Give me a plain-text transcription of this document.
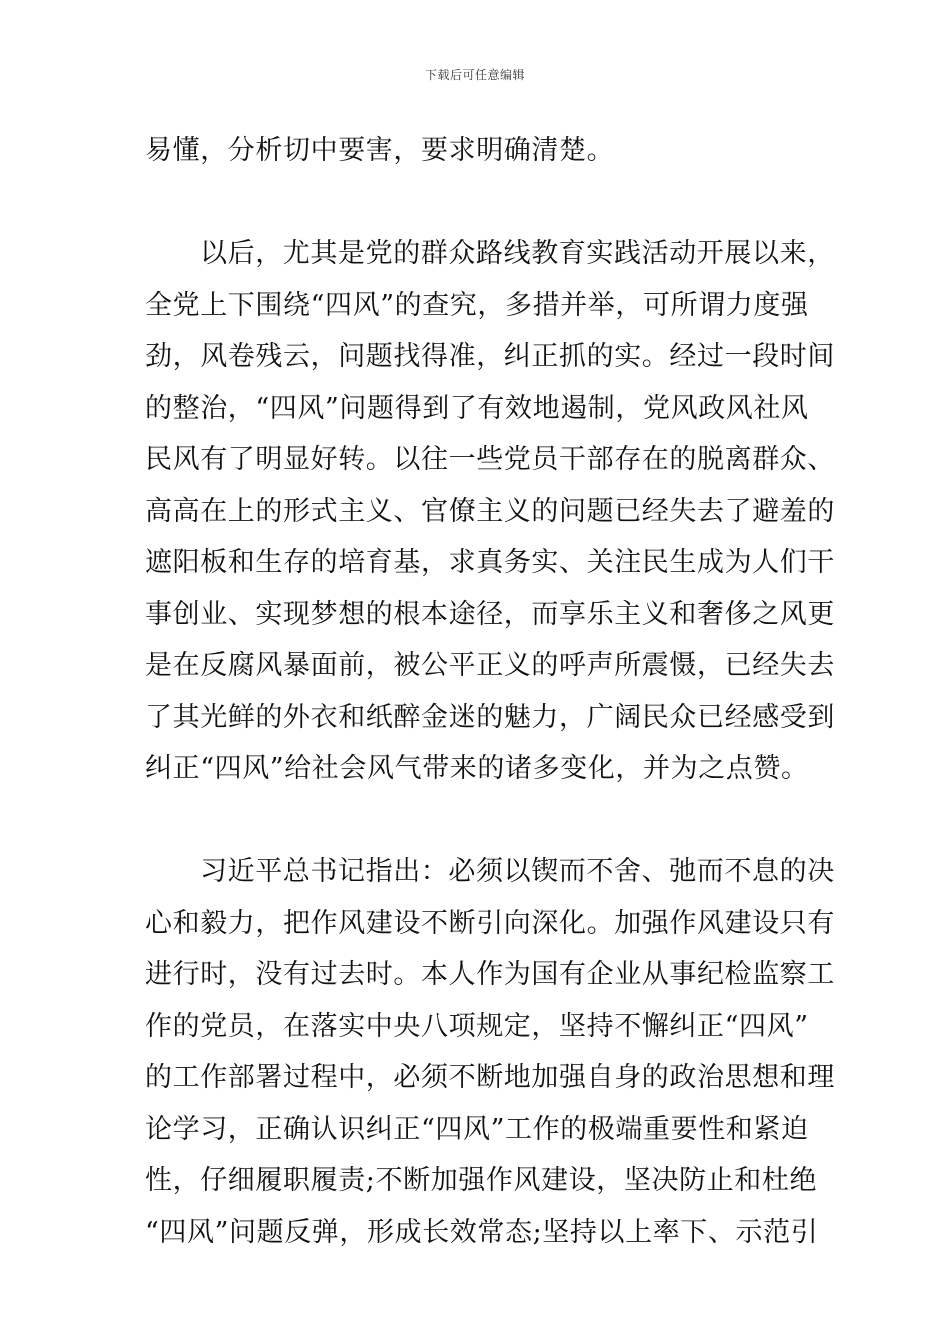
下载后可任意编辑
易懂，分析切中要害，要求明确清楚。
以后，尤其是党的群众路线教育实践活动开展以来，
全党上下围绕“四风”的查究，多措并举，可所谓力度强
劲，风卷残云，问题找得准，纠正抓的实。经过一段时间
的整治，“四风”问题得到了有效地遏制，党风政风社风
民风有了明显好转。以往一些党员干部存在的脱离群众、
高高在上的形式主义、官僚主义的问题已经失去了避羞的
遮阳板和生存的培育基，求真务实、关注民生成为人们干
事创业、实现梦想的根本途径，而享乐主义和奢侈之风更
是在反腐风暴面前，被公平正义的呼声所震慑，已经失去
了其光鲜的外衣和纸醉金迷的魅力，广阔民众已经感受到
纠正“四风”给社会风气带来的诸多变化，并为之点赞。
习近平总书记指出：必须以锲而不舍、弛而不息的决
心和毅力，把作风建设不断引向深化。加强作风建设只有
进行时，没有过去时。本人作为国有企业从事纪检监察工
作的党员，在落实中央八项规定，坚持不懈纠正“四风”
的工作部署过程中，必须不断地加强自身的政治思想和理
论学习，正确认识纠正“四风”工作的极端重要性和紧迫
性，仔细履职履责;不断加强作风建设，坚决防止和杜绝
“四风”问题反弹，形成长效常态;坚持以上率下、示范引
